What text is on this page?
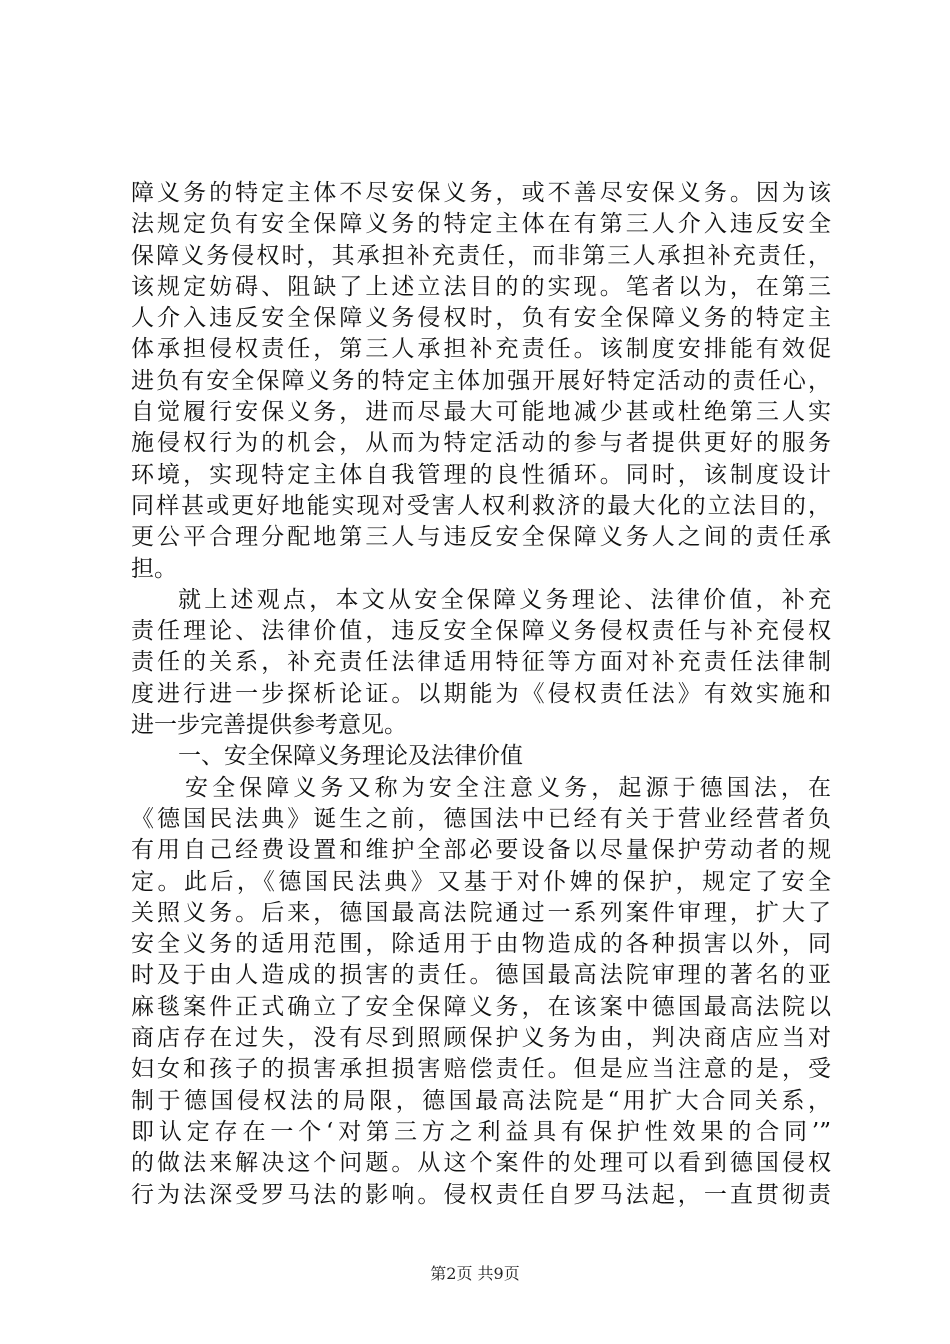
障义务的特定主体不尽安保义务，或不善尽安保义务。因为该
法规定负有安全保障义务的特定主体在有第三人介入违反安全
保障义务侵权时，其承担补充责任，而非第三人承担补充责任，
该规定妨碍、阻缺了上述立法目的的实现。笔者以为，在第三
人介入违反安全保障义务侵权时，负有安全保障义务的特定主
体承担侵权责任，第三人承担补充责任。该制度安排能有效促
进负有安全保障义务的特定主体加强开展好特定活动的责任心，
自觉履行安保义务，进而尽最大可能地减少甚或杜绝第三人实
施侵权行为的机会，从而为特定活动的参与者提供更好的服务
环境，实现特定主体自我管理的良性循环。同时，该制度设计
同样甚或更好地能实现对受害人权利救济的最大化的立法目的，
更公平合理分配地第三人与违反安全保障义务人之间的责任承
担。
就上述观点，本文从安全保障义务理论、法律价值，补充
责任理论、法律价值，违反安全保障义务侵权责任与补充侵权
责任的关系，补充责任法律适用特征等方面对补充责任法律制
度进行进一步探析论证。以期能为《侵权责任法》有效实施和
进一步完善提供参考意见。
一、安全保障义务理论及法律价值
安全保障义务又称为安全注意义务，起源于德国法，在
《德国民法典》诞生之前，德国法中已经有关于营业经营者负
有用自己经费设置和维护全部必要设备以尽量保护劳动者的规
定。此后，《德国民法典》又基于对仆婢的保护，规定了安全
关照义务。后来，德国最高法院通过一系列案件审理，扩大了
安全义务的适用范围，除适用于由物造成的各种损害以外，同
时及于由人造成的损害的责任。德国最高法院审理的著名的亚
麻毯案件正式确立了安全保障义务，在该案中德国最高法院以
商店存在过失，没有尽到照顾保护义务为由，判决商店应当对
妇女和孩子的损害承担损害赔偿责任。但是应当注意的是，受
制于德国侵权法的局限，德国最高法院是“用扩大合同关系，
即认定存在一个‘对第三方之利益具有保护性效果的合同’”
的做法来解决这个问题。从这个案件的处理可以看到德国侵权
行为法深受罗马法的影响。侵权责任自罗马法起，一直贯彻责
第2页 共9页
